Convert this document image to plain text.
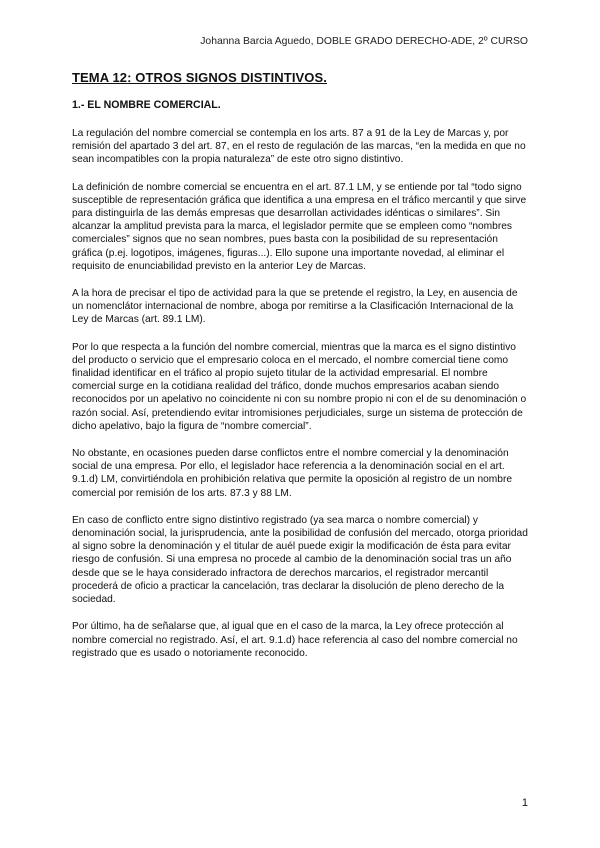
Johanna Barcia Aguedo, DOBLE GRADO DERECHO-ADE, 2º CURSO
TEMA 12: OTROS SIGNOS DISTINTIVOS.
1.- EL NOMBRE COMERCIAL.

La regulación del nombre comercial se contempla en los arts. 87 a 91 de la Ley de Marcas y, por remisión del apartado 3 del art. 87, en el resto de regulación de las marcas, “en la medida en que no sean incompatibles con la propia naturaleza” de este otro signo distintivo.

La definición de nombre comercial se encuentra en el art. 87.1 LM, y se entiende por tal “todo signo susceptible de representación gráfica que identifica a una empresa en el tráfico mercantil y que sirve para distinguirla de las demás empresas que desarrollan actividades idénticas o similares”. Sin alcanzar la amplitud prevista para la marca, el legislador permite que se empleen como “nombres comerciales” signos que no sean nombres, pues basta con la posibilidad de su representación gráfica (p.ej. logotipos, imágenes, figuras...). Ello supone una importante novedad, al eliminar el requisito de enunciabilidad previsto en la anterior Ley de Marcas.

A la hora de precisar el tipo de actividad para la que se pretende el registro, la Ley, en ausencia de un nomenclátor internacional de nombre, aboga por remitirse a la Clasificación Internacional de la Ley de Marcas (art. 89.1 LM).

Por lo que respecta a la función del nombre comercial, mientras que la marca es el signo distintivo del producto o servicio que el empresario coloca en el mercado, el nombre comercial tiene como finalidad identificar en el tráfico al propio sujeto titular de la actividad empresarial. El nombre comercial surge en la cotidiana realidad del tráfico, donde muchos empresarios acaban siendo reconocidos por un apelativo no coincidente ni con su nombre propio ni con el de su denominación o razón social. Así, pretendiendo evitar intromisiones perjudiciales, surge un sistema de protección de dicho apelativo, bajo la figura de “nombre comercial”.

No obstante, en ocasiones pueden darse conflictos entre el nombre comercial y la denominación social de una empresa. Por ello, el legislador hace referencia a la denominación social en el art. 9.1.d) LM, convirtiéndola en prohibición relativa que permite la oposición al registro de un nombre comercial por remisión de los arts. 87.3 y 88 LM.

En caso de conflicto entre signo distintivo registrado (ya sea marca o nombre comercial) y denominación social, la jurisprudencia, ante la posibilidad de confusión del mercado, otorga prioridad al signo sobre la denominación y el titular de auél puede exigir la modificación de ésta para evitar riesgo de confusión. Si una empresa no procede al cambio de la denominación social tras un año desde que se le haya considerado infractora de derechos marcarios, el registrador mercantil procederá de oficio a practicar la cancelación, tras declarar la disolución de pleno derecho de la sociedad.

Por último, ha de señalarse que, al igual que en el caso de la marca, la Ley ofrece protección al nombre comercial no registrado. Así, el art. 9.1.d) hace referencia al caso del nombre comercial no registrado que es usado o notoriamente reconocido.

1
